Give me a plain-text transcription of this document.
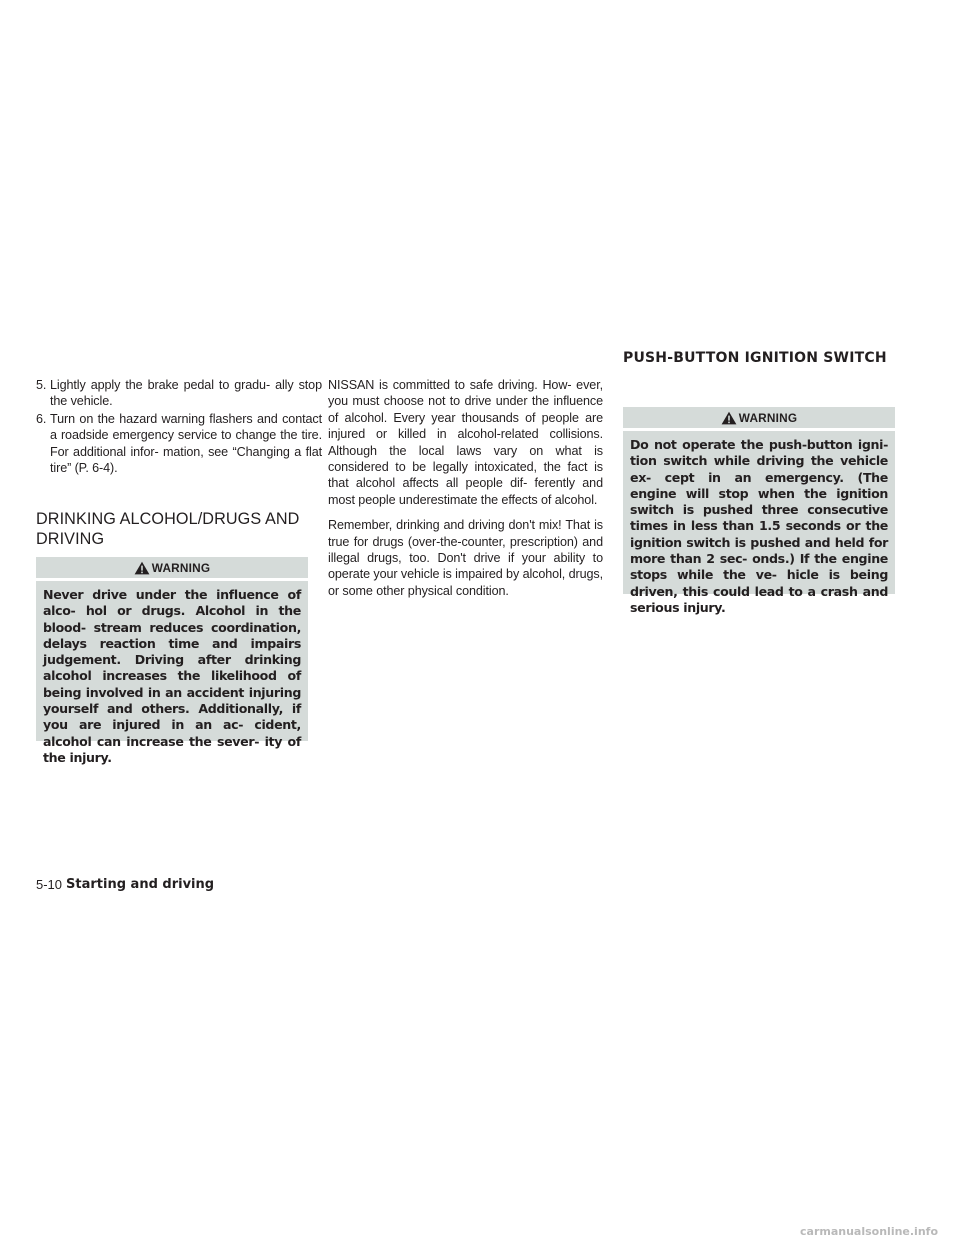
PUSH-BUTTON IGNITION SWITCH
5. Lightly apply the brake pedal to gradu- ally stop the vehicle.
6. Turn on the hazard warning flashers and contact a roadside emergency service to change the tire. For additional infor- mation, see “Changing a flat tire” (P. 6-4).
DRINKING ALCOHOL/DRUGS AND DRIVING
WARNING
Never drive under the influence of alco- hol or drugs. Alcohol in the blood- stream reduces coordination, delays reaction time and impairs judgement. Driving after drinking alcohol increases the likelihood of being involved in an accident injuring yourself and others. Additionally, if you are injured in an ac- cident, alcohol can increase the sever- ity of the injury.

NISSAN is committed to safe driving. How- ever, you must choose not to drive under the influence of alcohol. Every year thousands of people are injured or killed in alcohol-related collisions. Although the local laws vary on what is considered to be legally intoxicated, the fact is that alcohol affects all people dif- ferently and most people underestimate the effects of alcohol.

Remember, drinking and driving don't mix! That is true for drugs (over-the-counter, prescription) and illegal drugs, too. Don't drive if your ability to operate your vehicle is impaired by alcohol, drugs, or some other physical condition.

WARNING
Do not operate the push-button igni- tion switch while driving the vehicle ex- cept in an emergency. (The engine will stop when the ignition switch is pushed three consecutive times in less than 1.5 seconds or the ignition switch is pushed and held for more than 2 sec- onds.) If the engine stops while the ve- hicle is being driven, this could lead to a crash and serious injury.
5-10 Starting and driving
carmanualsonline.info
